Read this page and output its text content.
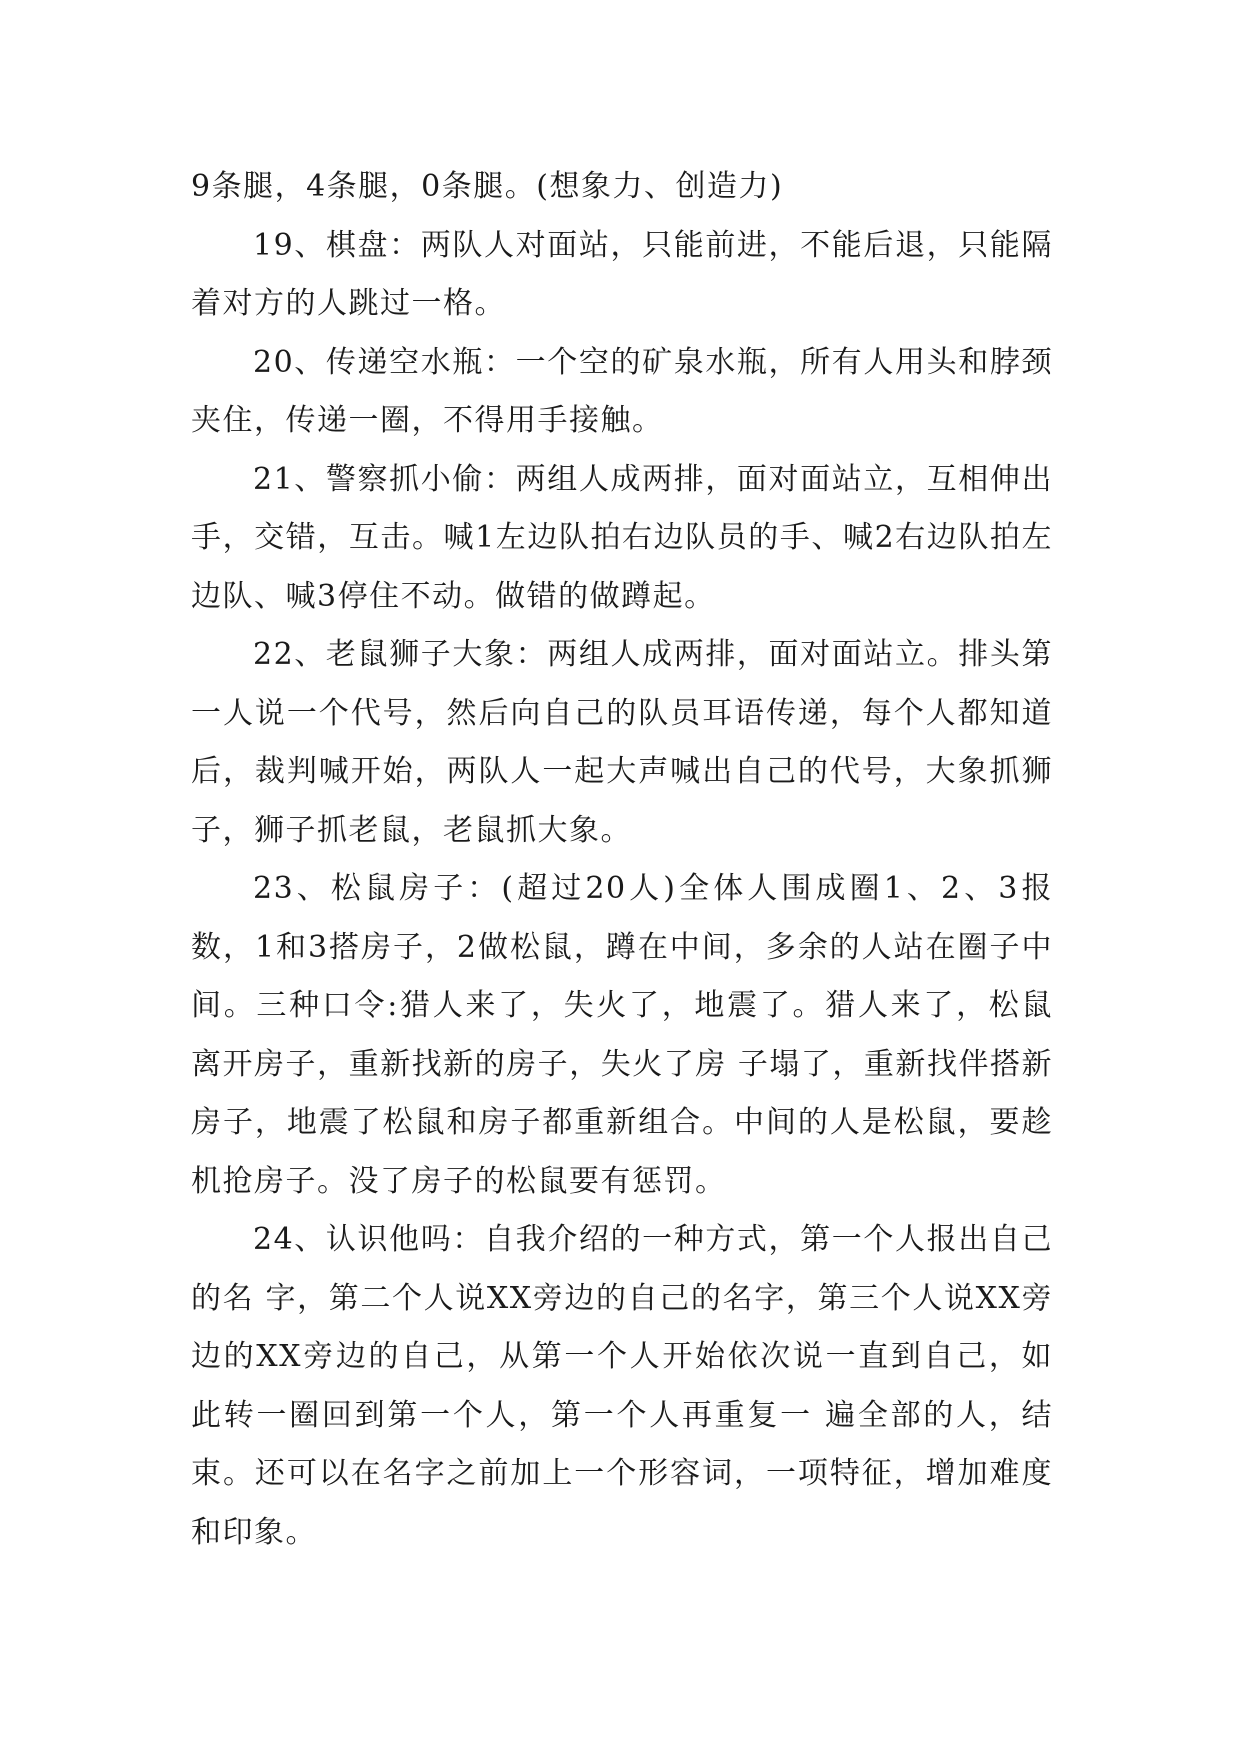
9条腿，4条腿，0条腿。(想象力、创造力)

19、棋盘：两队人对面站，只能前进，不能后退，只能隔着对方的人跳过一格。

20、传递空水瓶：一个空的矿泉水瓶，所有人用头和脖颈夹住，传递一圈，不得用手接触。

21、警察抓小偷：两组人成两排，面对面站立，互相伸出手，交错，互击。喊1左边队拍右边队员的手、喊2右边队拍左边队、喊3停住不动。做错的做蹲起。

22、老鼠狮子大象：两组人成两排，面对面站立。排头第一人说一个代号，然后向自己的队员耳语传递，每个人都知道后，裁判喊开始，两队人一起大声喊出自己的代号，大象抓狮子，狮子抓老鼠，老鼠抓大象。

23、松鼠房子：(超过20人)全体人围成圈1、2、3报数，1和3搭房子，2做松鼠，蹲在中间，多余的人站在圈子中间。三种口令:猎人来了，失火了，地震了。猎人来了，松鼠离开房子，重新找新的房子，失火了房 子塌了，重新找伴搭新房子，地震了松鼠和房子都重新组合。中间的人是松鼠，要趁机抢房子。没了房子的松鼠要有惩罚。

24、认识他吗：自我介绍的一种方式，第一个人报出自己的名 字，第二个人说XX旁边的自己的名字，第三个人说XX旁边的XX旁边的自己，从第一个人开始依次说一直到自己，如此转一圈回到第一个人，第一个人再重复一 遍全部的人，结束。还可以在名字之前加上一个形容词，一项特征，增加难度和印象。
